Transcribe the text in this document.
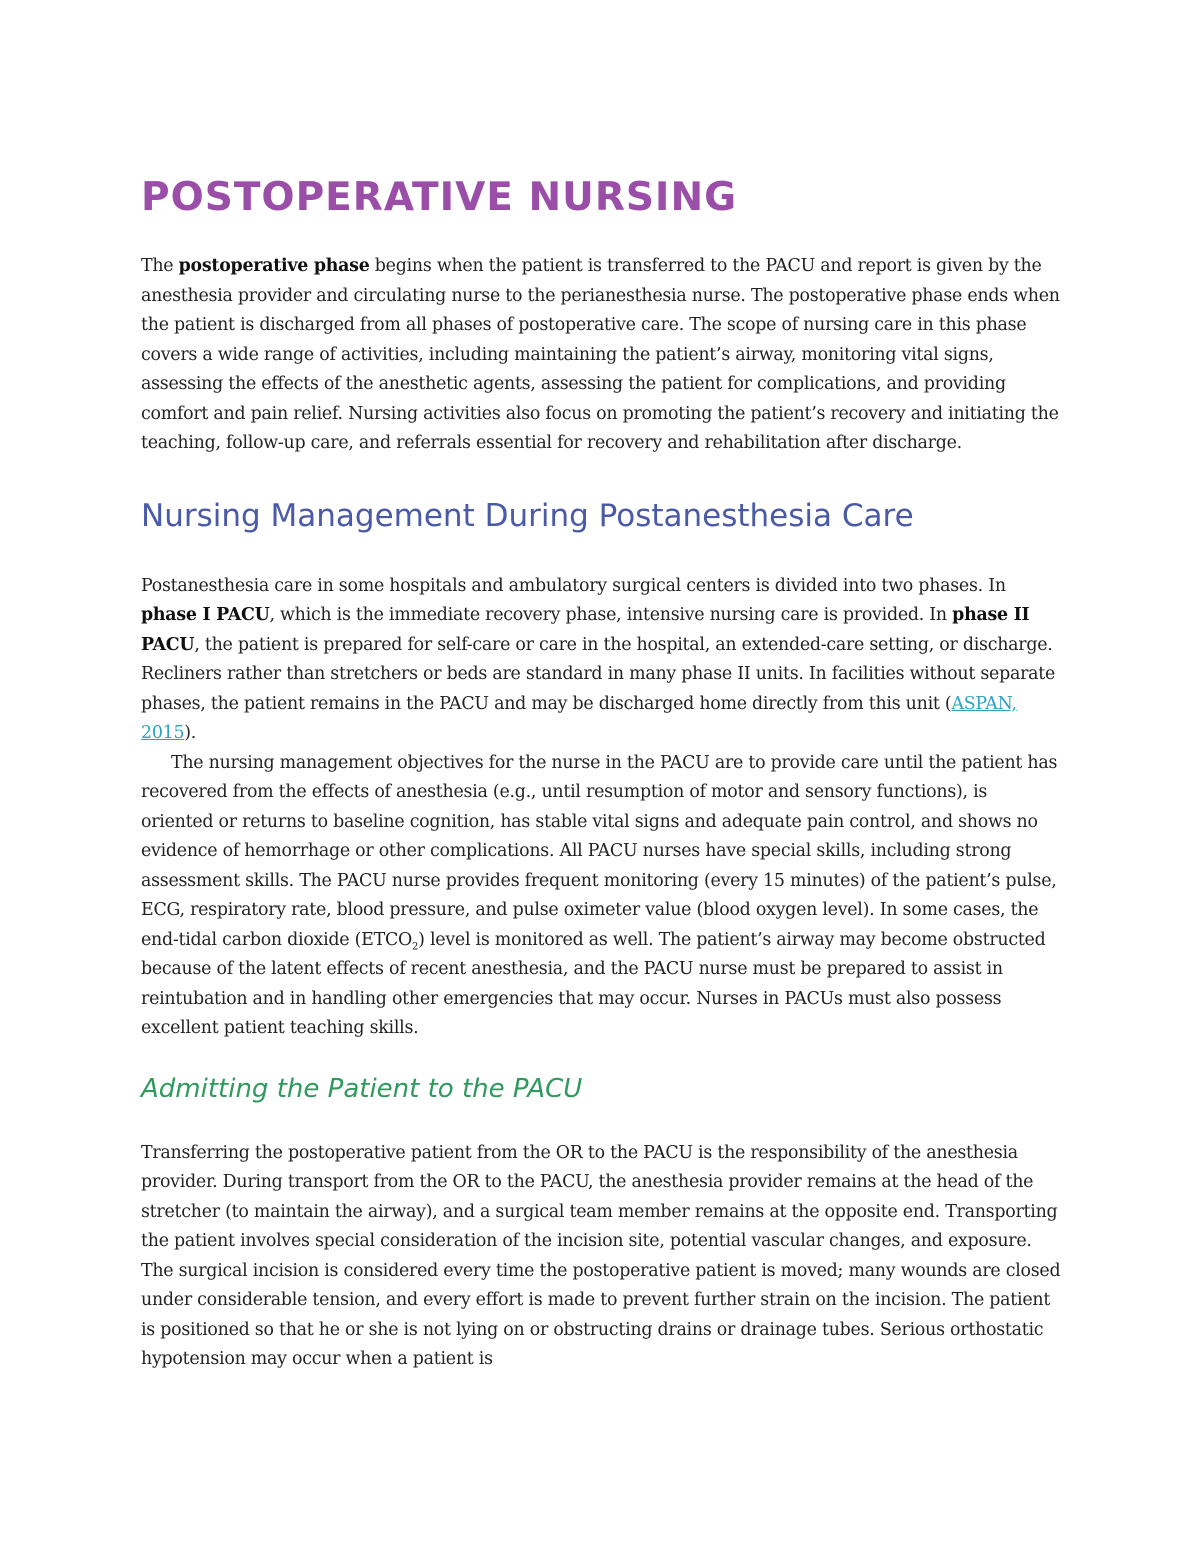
POSTOPERATIVE NURSING

The postoperative phase begins when the patient is transferred to the PACU and report is given by the anesthesia provider and circulating nurse to the perianesthesia nurse. The postoperative phase ends when the patient is discharged from all phases of postoperative care. The scope of nursing care in this phase covers a wide range of activities, including maintaining the patient’s airway, monitoring vital signs, assessing the effects of the anesthetic agents, assessing the patient for complications, and providing comfort and pain relief. Nursing activities also focus on promoting the patient’s recovery and initiating the teaching, follow-up care, and referrals essential for recovery and rehabilitation after discharge.

Nursing Management During Postanesthesia Care

Postanesthesia care in some hospitals and ambulatory surgical centers is divided into two phases. In phase I PACU, which is the immediate recovery phase, intensive nursing care is provided. In phase II PACU, the patient is prepared for self-care or care in the hospital, an extended-care setting, or discharge. Recliners rather than stretchers or beds are standard in many phase II units. In facilities without separate phases, the patient remains in the PACU and may be discharged home directly from this unit (ASPAN, 2015).

The nursing management objectives for the nurse in the PACU are to provide care until the patient has recovered from the effects of anesthesia (e.g., until resumption of motor and sensory functions), is oriented or returns to baseline cognition, has stable vital signs and adequate pain control, and shows no evidence of hemorrhage or other complications. All PACU nurses have special skills, including strong assessment skills. The PACU nurse provides frequent monitoring (every 15 minutes) of the patient’s pulse, ECG, respiratory rate, blood pressure, and pulse oximeter value (blood oxygen level). In some cases, the end-tidal carbon dioxide $(ETCO_2)$ level is monitored as well. The patient’s airway may become obstructed because of the latent effects of recent anesthesia, and the PACU nurse must be prepared to assist in reintubation and in handling other emergencies that may occur. Nurses in PACUs must also possess excellent patient teaching skills.

Admitting the Patient to the PACU

Transferring the postoperative patient from the OR to the PACU is the responsibility of the anesthesia provider. During transport from the OR to the PACU, the anesthesia provider remains at the head of the stretcher (to maintain the airway), and a surgical team member remains at the opposite end. Transporting the patient involves special consideration of the incision site, potential vascular changes, and exposure. The surgical incision is considered every time the postoperative patient is moved; many wounds are closed under considerable tension, and every effort is made to prevent further strain on the incision. The patient is positioned so that he or she is not lying on or obstructing drains or drainage tubes. Serious orthostatic hypotension may occur when a patient is
